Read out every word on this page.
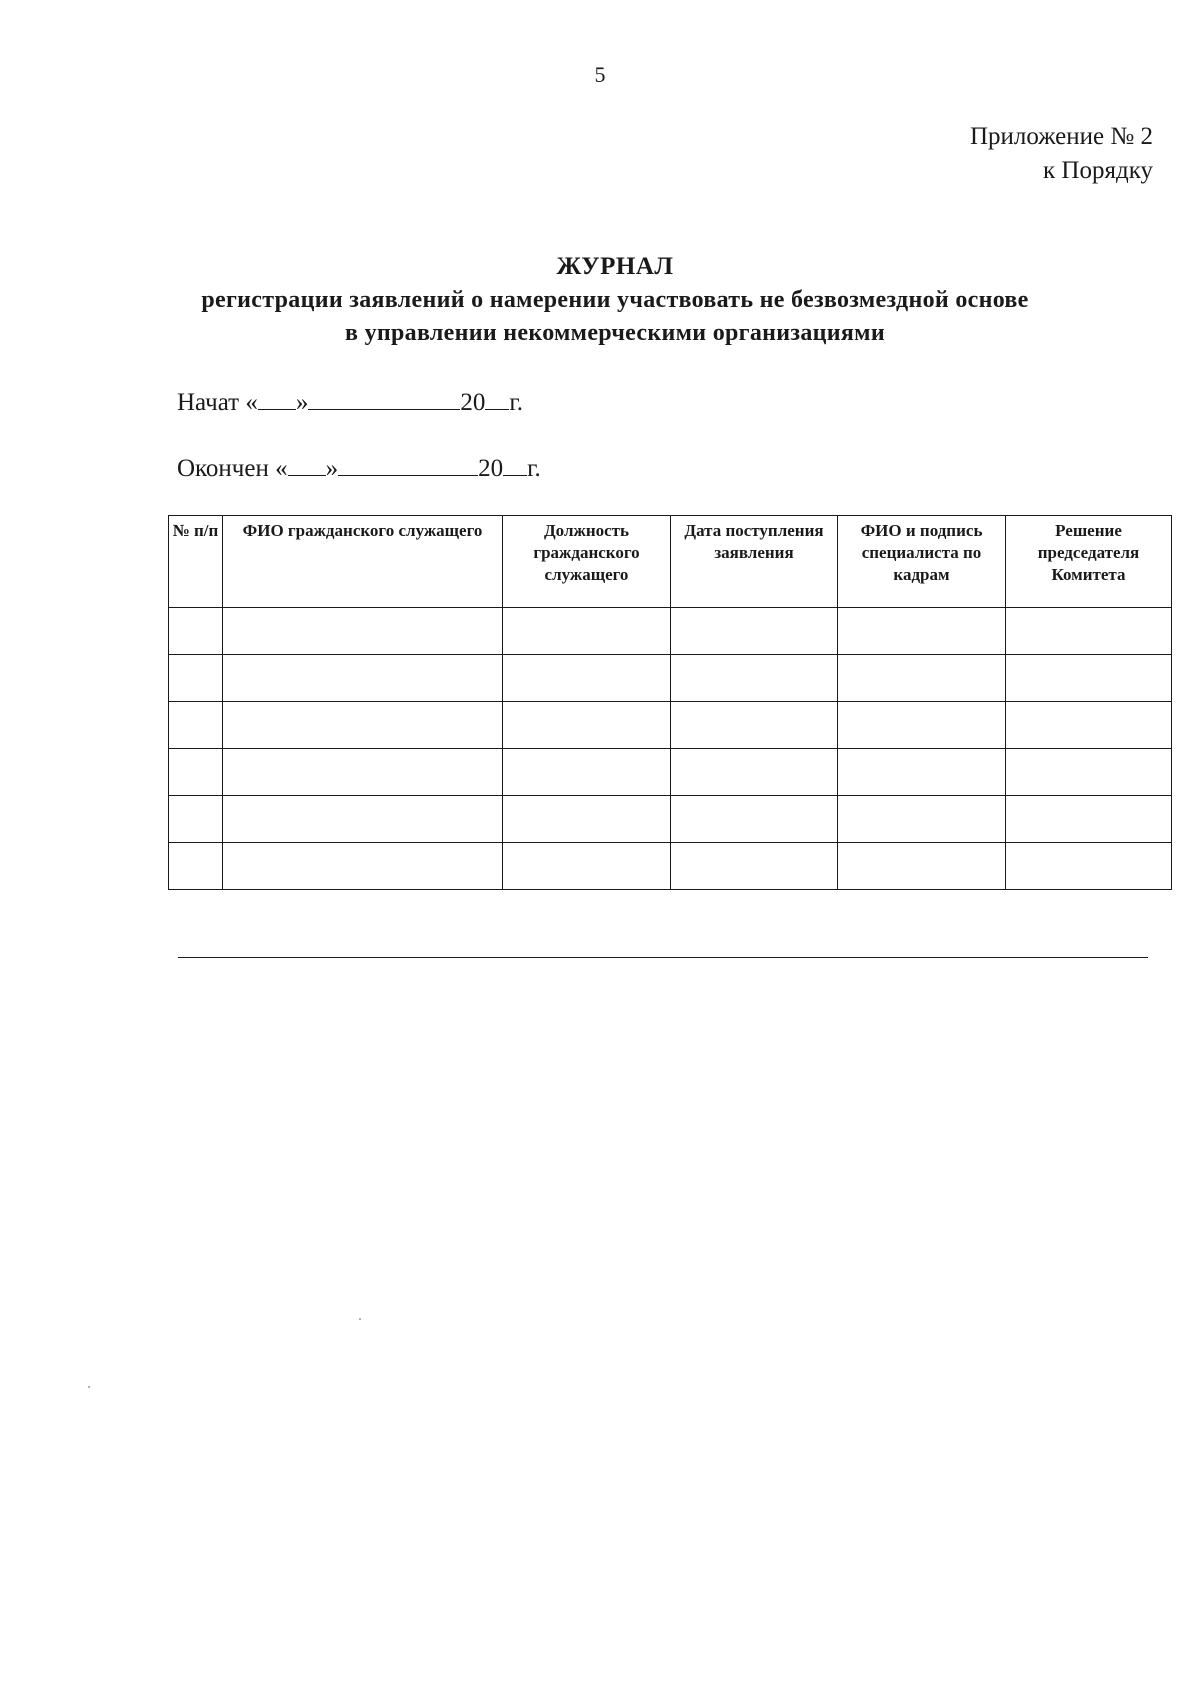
5
Приложение № 2
к Порядку
ЖУРНАЛ
регистрации заявлений о намерении участвовать не безвозмездной основе
в управлении некоммерческими организациями
Начат « »	20 г.
Окончен « »	20 г.
№ п/п	ФИО гражданского служащего	Должность гражданского служащего	Дата поступления заявления	ФИО и подпись специалиста по кадрам	Решение председателя Комитета
